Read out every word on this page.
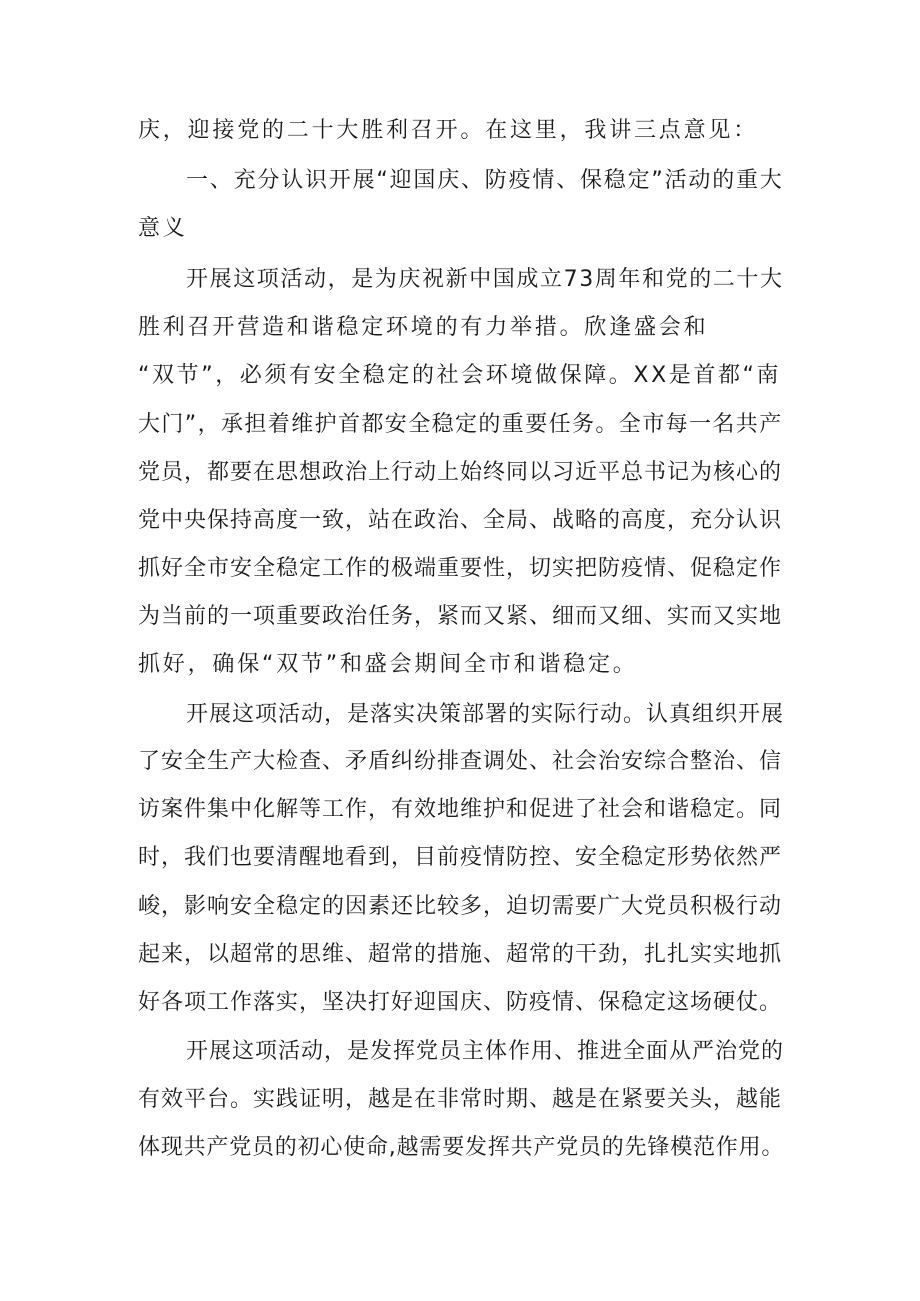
庆，迎接党的二十大胜利召开。在这里，我讲三点意见：
一、充分认识开展“迎国庆、防疫情、保稳定”活动的重大
意义
开展这项活动，是为庆祝新中国成立73周年和党的二十大
胜利召开营造和谐稳定环境的有力举措。欣逢盛会和
“双节”，必须有安全稳定的社会环境做保障。XX是首都“南
大门”，承担着维护首都安全稳定的重要任务。全市每一名共产
党员，都要在思想政治上行动上始终同以习近平总书记为核心的
党中央保持高度一致，站在政治、全局、战略的高度，充分认识
抓好全市安全稳定工作的极端重要性，切实把防疫情、促稳定作
为当前的一项重要政治任务，紧而又紧、细而又细、实而又实地
抓好，确保“双节”和盛会期间全市和谐稳定。
开展这项活动，是落实决策部署的实际行动。认真组织开展
了安全生产大检查、矛盾纠纷排查调处、社会治安综合整治、信
访案件集中化解等工作，有效地维护和促进了社会和谐稳定。同
时，我们也要清醒地看到，目前疫情防控、安全稳定形势依然严
峻，影响安全稳定的因素还比较多，迫切需要广大党员积极行动
起来，以超常的思维、超常的措施、超常的干劲，扎扎实实地抓
好各项工作落实，坚决打好迎国庆、防疫情、保稳定这场硬仗。
开展这项活动，是发挥党员主体作用、推进全面从严治党的
有效平台。实践证明，越是在非常时期、越是在紧要关头，越能
体现共产党员的初心使命,越需要发挥共产党员的先锋模范作用。
